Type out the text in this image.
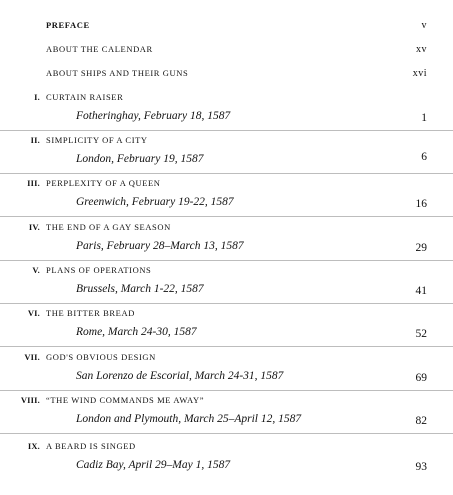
PREFACE	v
ABOUT THE CALENDAR	xv
ABOUT SHIPS AND THEIR GUNS	xvi
I. CURTAIN RAISER
Fotheringhay, February 18, 1587	1
II. SIMPLICITY OF A CITY
London, February 19, 1587	6
III. PERPLEXITY OF A QUEEN
Greenwich, February 19-22, 1587	16
IV. THE END OF A GAY SEASON
Paris, February 28–March 13, 1587	29
V. PLANS OF OPERATIONS
Brussels, March 1-22, 1587	41
VI. THE BITTER BREAD
Rome, March 24-30, 1587	52
VII. GOD'S OBVIOUS DESIGN
San Lorenzo de Escorial, March 24-31, 1587	69
VIII. “THE WIND COMMANDS ME AWAY”
London and Plymouth, March 25–April 12, 1587	82
IX. A BEARD IS SINGED
Cadiz Bay, April 29–May 1, 1587	93
